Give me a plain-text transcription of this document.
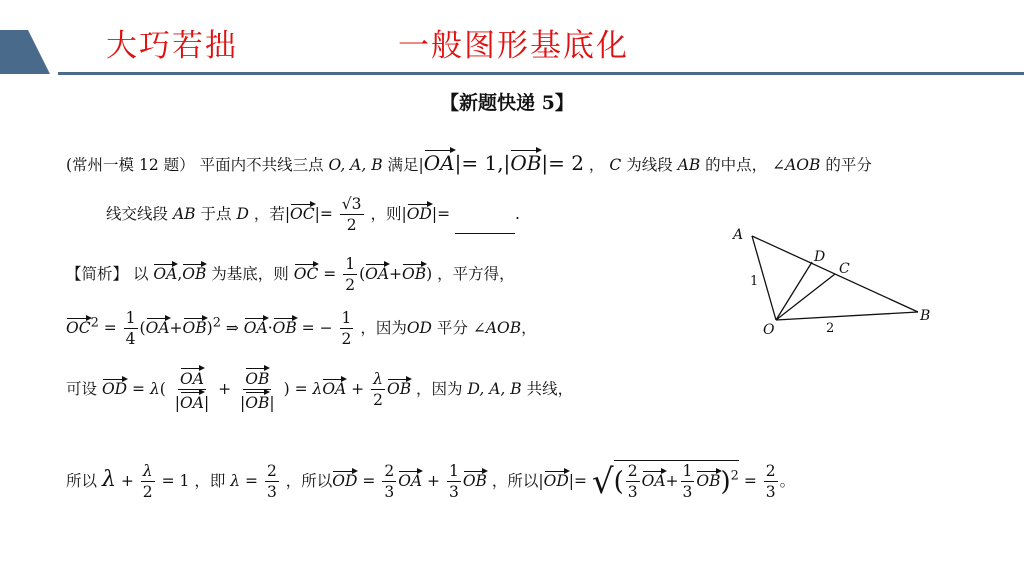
大巧若拙	一般图形基底化
【新题快递 5】
(常州一模 12 题） 平面内不共线三点 O, A, B 满足|OA|= 1,|OB|= 2 ， C 为线段 AB 的中点， ∠AOB 的平分
线交线段 AB 于点 D ，若$|OC|= \frac{√3}{2}$ ，则|OD|=	.
【简析】 以 OA,OB 为基底，则 OC = $\frac{1}{2} (OA+OB)$ ，平方得，
$OC^2 = \frac{1}{4} (OA+OB)^2$ ⇒ OA·OB = − $\frac{1}{2}$ ，因为OD 平分 ∠AOB，
可设 OD = $\lambda( \frac{OA}{|OA|} + \frac{OB}{|OB|}$ ) = $\lambda OA + \frac{\lambda}{2}$ OB ，因为 D, A, B 共线，
所以 $\lambda + \frac{\lambda}{2} = 1$ ，即 $\lambda = \frac{2}{3}$ ，所以OD = $\frac{2}{3}$ OA + $\frac{1}{3}$ OB ，所以|OD|= √( $\frac{2}{3} OA+ \frac{1}{3} OB)^2 = \frac{2}{3}$ 。
A
D
C
B
O
1
2
